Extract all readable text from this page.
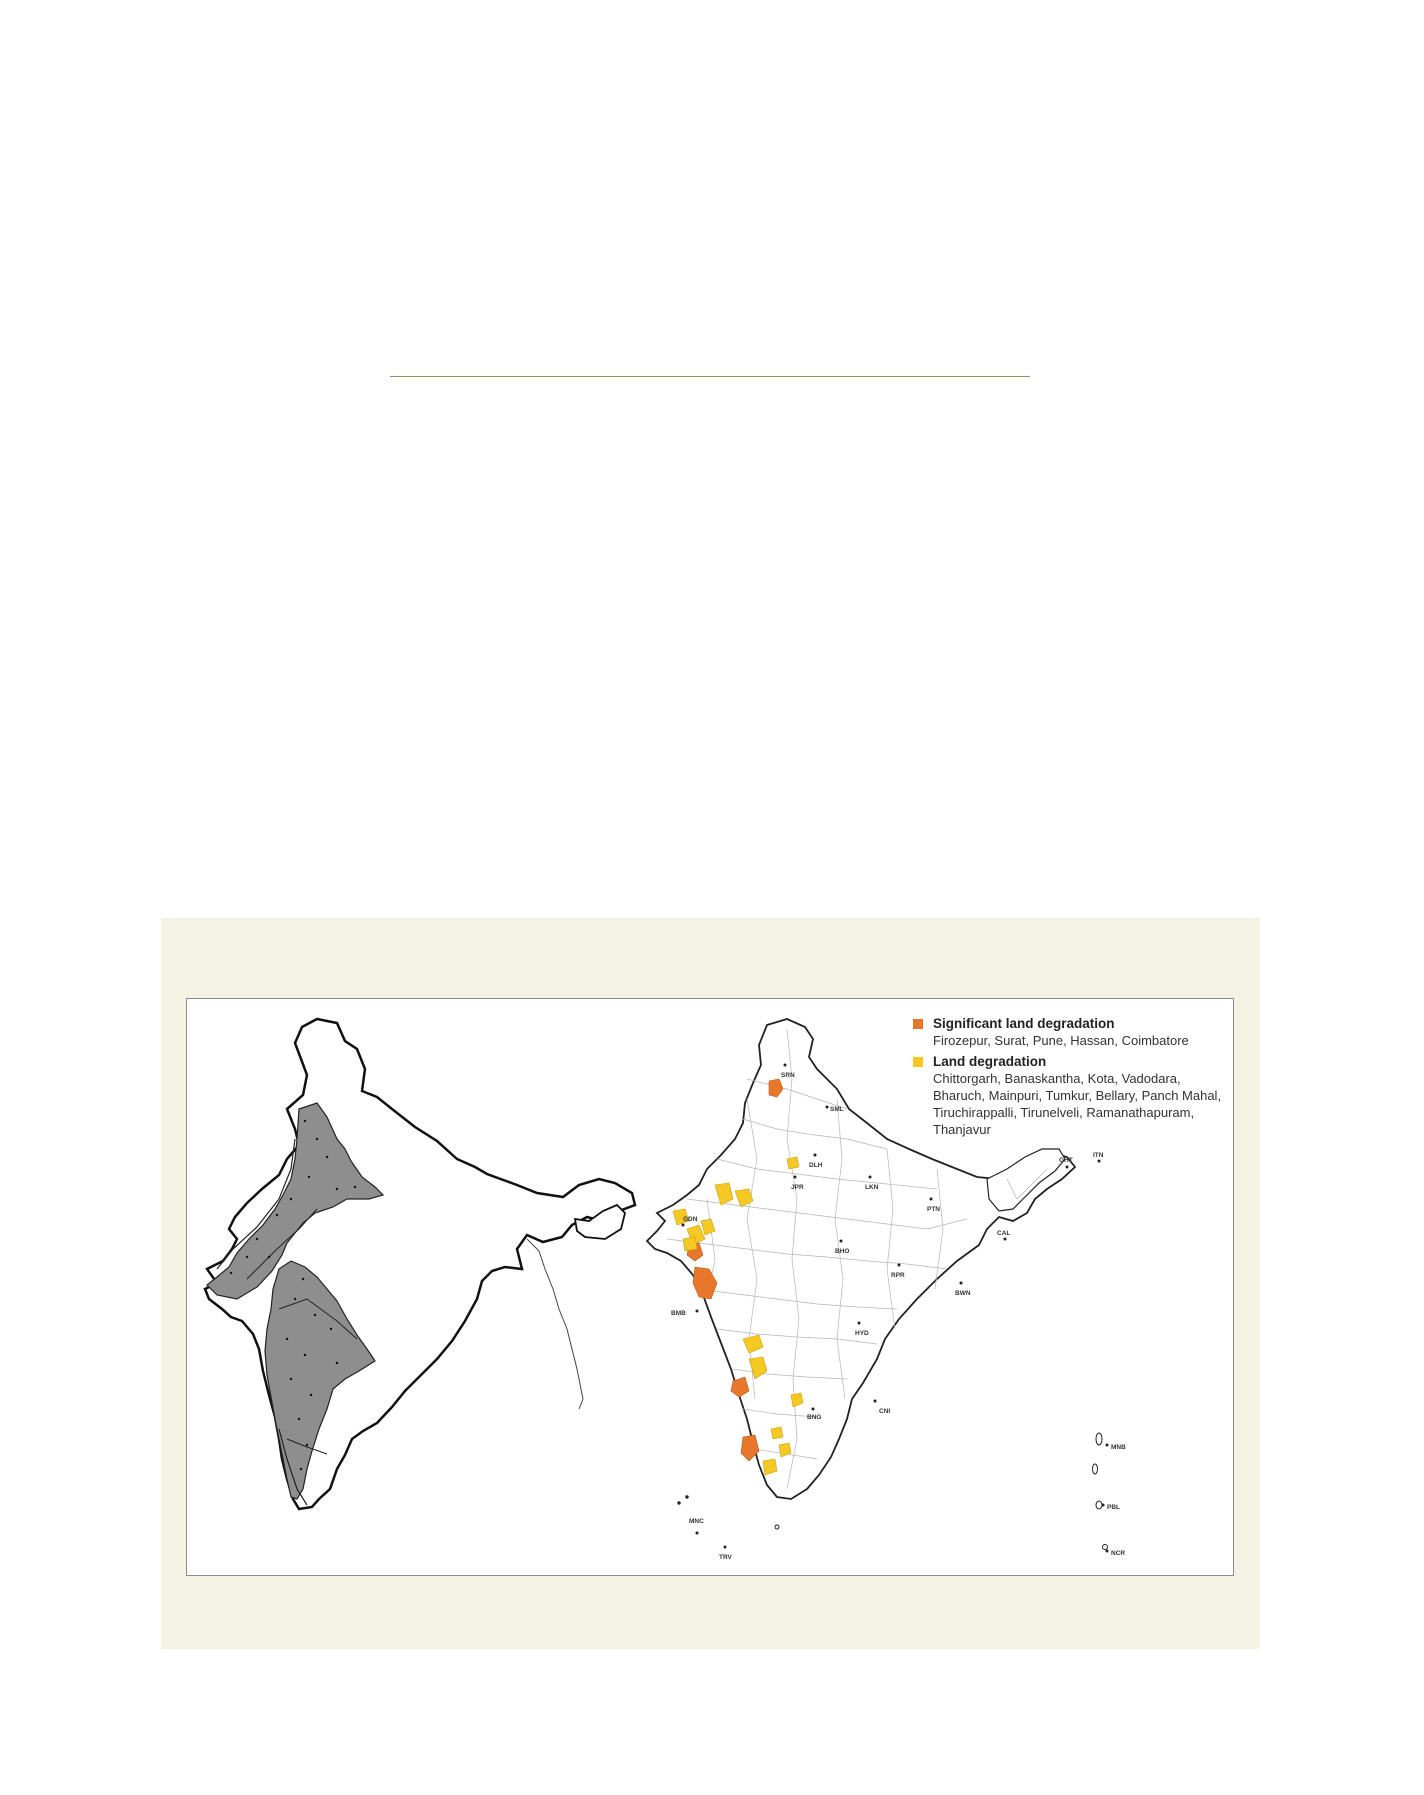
SRN
SML
DLH
JPR	LKN
PTN
GHT
ITN
GDN
BHO
RPR
CAL
BWN
BMB
HYD
BNG
CNI
MNC
TRV
MNB
PBL
NCR
Significant land degradation
Firozepur, Surat, Pune, Hassan, Coimbatore
Land degradation
Chittorgarh, Banaskantha, Kota, Vadodara, Bharuch, Mainpuri, Tumkur, Bellary, Panch Mahal, Tiruchirappalli, Tirunelveli, Ramanathapuram, Thanjavur
